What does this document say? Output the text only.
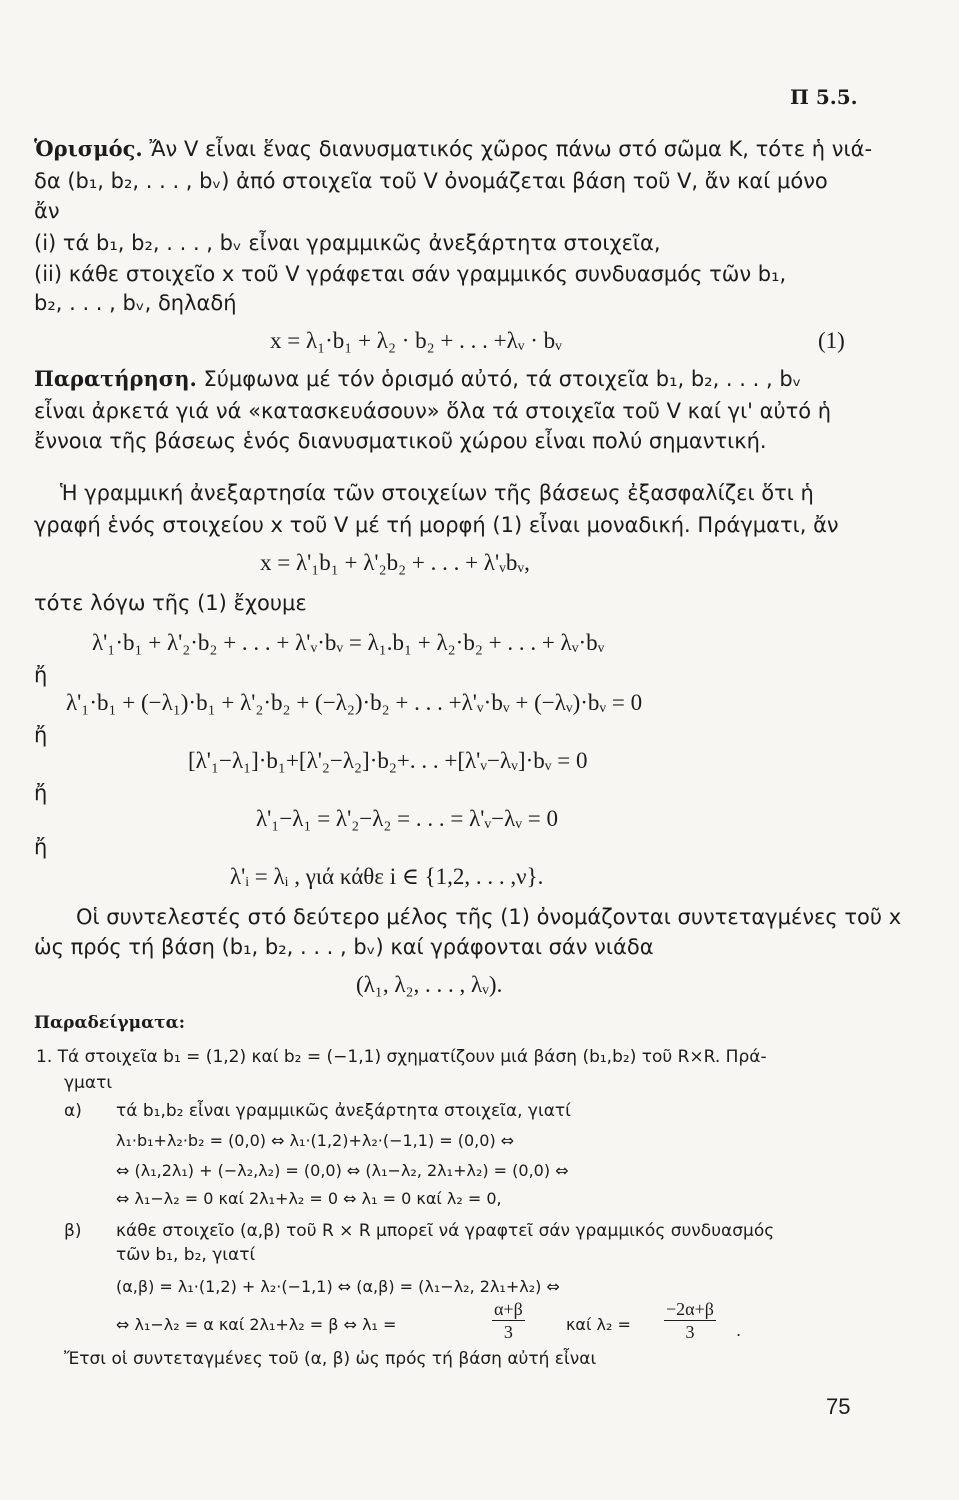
Π 5.5.
Ὁρισμός. Ἄν V εἶναι ἕνας διανυσματικός χῶρος πάνω στό σῶμα K, τότε ἡ νιά-
δα (b₁, b₂, . . . , bᵥ) ἀπό στοιχεῖα τοῦ V ὀνομάζεται βάση τοῦ V, ἄν καί μόνο
ἄν
(i) τά b₁, b₂, . . . , bᵥ εἶναι γραμμικῶς ἀνεξάρτητα στοιχεῖα,
(ii) κάθε στοιχεῖο x τοῦ V γράφεται σάν γραμμικός συνδυασμός τῶν b₁,
b₂, . . . , bᵥ, δηλαδή
x = λ₁·b₁ + λ₂ · b₂ + . . . +λᵥ · bᵥ	(1)
Παρατήρηση. Σύμφωνα μέ τόν ὁρισμό αὐτό, τά στοιχεῖα b₁, b₂, . . . , bᵥ
εἶναι ἀρκετά γιά νά «κατασκευάσουν» ὅλα τά στοιχεῖα τοῦ V καί γι' αὐτό ἡ
ἔννοια τῆς βάσεως ἑνός διανυσματικοῦ χώρου εἶναι πολύ σημαντική.
Ἡ γραμμική ἀνεξαρτησία τῶν στοιχείων τῆς βάσεως ἐξασφαλίζει ὅτι ἡ
γραφή ἑνός στοιχείου x τοῦ V μέ τή μορφή (1) εἶναι μοναδική. Πράγματι, ἄν
x = λ'₁b₁ + λ'₂b₂ + . . . + λ'ᵥbᵥ,
τότε λόγω τῆς (1) ἔχουμε
λ'₁·b₁ + λ'₂·b₂ + . . . + λ'ᵥ·bᵥ = λ₁.b₁ + λ₂·b₂ + . . . + λᵥ·bᵥ
ἤ
λ'₁·b₁ + (−λ₁)·b₁ + λ'₂·b₂ + (−λ₂)·b₂ + . . . +λ'ᵥ·bᵥ + (−λᵥ)·bᵥ = 0
ἤ
[λ'₁−λ₁]·b₁+[λ'₂−λ₂]·b₂+. . . +[λ'ᵥ−λᵥ]·bᵥ = 0
ἤ
λ'₁−λ₁ = λ'₂−λ₂ = . . . = λ'ᵥ−λᵥ = 0
ἤ
λ'ᵢ = λᵢ , γιά κάθε i ∈ {1,2, . . . ,ν}.
Οἱ συντελεστές στό δεύτερο μέλος τῆς (1) ὀνομάζονται συντεταγμένες τοῦ x
ὡς πρός τή βάση (b₁, b₂, . . . , bᵥ) καί γράφονται σάν νιάδα
(λ₁, λ₂, . . . , λᵥ).
Παραδείγματα:
1. Τά στοιχεῖα b₁ = (1,2) καί b₂ = (−1,1) σχηματίζουν μιά βάση (b₁,b₂) τοῦ R×R. Πρά-
γματι
α) τά b₁,b₂ εἶναι γραμμικῶς ἀνεξάρτητα στοιχεῖα, γιατί
λ₁·b₁+λ₂·b₂ = (0,0) ⇔ λ₁·(1,2)+λ₂·(−1,1) = (0,0) ⇔
⇔ (λ₁,2λ₁) + (−λ₂,λ₂) = (0,0) ⇔ (λ₁−λ₂, 2λ₁+λ₂) = (0,0) ⇔
⇔ λ₁−λ₂ = 0 καί 2λ₁+λ₂ = 0 ⇔ λ₁ = 0 καί λ₂ = 0,
β) κάθε στοιχεῖο (α,β) τοῦ R × R μπορεῖ νά γραφτεῖ σάν γραμμικός συνδυασμός
τῶν b₁, b₂, γιατί
(α,β) = λ₁·(1,2) + λ₂·(−1,1) ⇔ (α,β) = (λ₁−λ₂, 2λ₁+λ₂) ⇔
⇔ λ₁−λ₂ = α καί 2λ₁+λ₂ = β ⇔ λ₁ =	$\frac{\alpha+\beta}{3}$	καί $\lambda_2 = \frac{-2\alpha+\beta}{3}$ .
Ἔτσι οἱ συντεταγμένες τοῦ (α, β) ὡς πρός τή βάση αὐτή εἶναι
75
